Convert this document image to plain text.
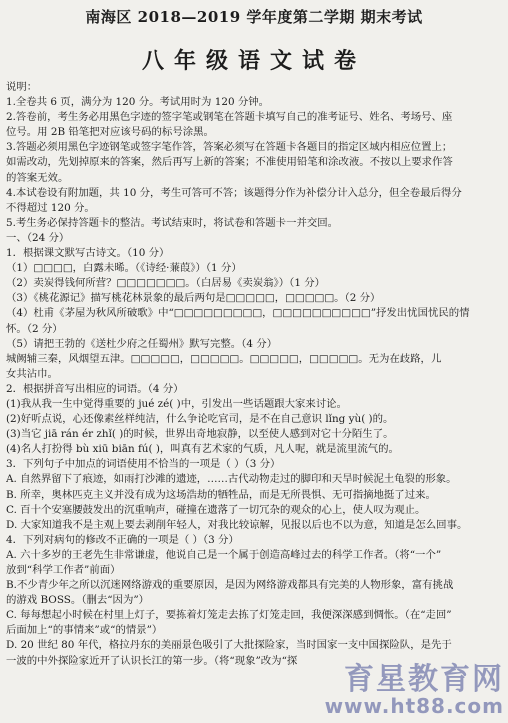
南海区 2018—2019 学年度第二学期 期末考试
八年级语文试卷
说明：
1.全卷共 6 页，满分为 120 分。考试用时为 120 分钟。
2.答卷前，考生务必用黑色字迹的签字笔或钢笔在答题卡填写自己的准考证号、姓名、考场号、座
位号。用 2B 铅笔把对应该号码的标号涂黑。
3.答题必须用黑色字迹钢笔或签字笔作答，答案必须写在答题卡各题目的指定区域内相应位置上；
如需改动，先划掉原来的答案，然后再写上新的答案；不准使用铅笔和涂改液。不按以上要求作答
的答案无效。
4.本试卷设有附加题，共 10 分，考生可答可不答；该题得分作为补偿分计入总分，但全卷最后得分
不得超过 120 分。
5.考生务必保持答题卡的整洁。考试结束时，将试卷和答题卡一并交回。
一、（24 分）
1．根据课文默写古诗文。（10 分）
（1）□□□□，白露未晞。（《诗经·蒹葭》）（1 分）
（2）卖炭得钱何所营？□□□□□□□。（白居易《卖炭翁》）（1 分）
（3）《桃花源记》描写桃花林景象的最后两句是□□□□□，□□□□□。（2 分）
（4）杜甫《茅屋为秋风所破歌》中“□□□□□□□□□，□□□□□□□□□□”抒发出忧国忧民的情
怀。（2 分）
（5）请把王勃的《送杜少府之任蜀州》默写完整。（4 分）
城阙辅三秦，风烟望五津。□□□□□，□□□□□。□□□□□，□□□□□。无为在歧路，儿
女共沾巾。
2．根据拼音写出相应的词语。（4 分）
(1)我从我一生中觉得重要的 jué zé( )中，引发出一些话题跟大家来讨论。
(2)好听点说，心还像素丝样纯洁，什么争论吃官司，是不在自己意识 lǐng yù( )的。
(3)当它 jiā rán ér zhǐ( )的时候，世界出奇地寂静，以至使人感到对它十分陌生了。
(4)名人打扮得 bù xiū biān fú( )，叫真有艺术家的气质，凡人呢，就是流里流气的。
3．下列句子中加点的词语使用不恰当的一项是（ ）（3 分）
A. 自然界留下了痕迹，如雨打沙滩的遗迹，……古代动物走过的脚印和天旱时候泥土龟裂的形象。
B. 所幸，奥林匹克主义并没有成为这场浩劫的牺牲品，而是无所畏惧、无可指摘地挺了过来。
C. 百十个安塞腰鼓发出的沉重响声，碰撞在遗落了一切冗杂的观众的心上，使人叹为观止。
D. 大家知道我不是主观上要去剥削年轻人，对我比较谅解，见报以后也不以为意，知道是怎么回事。
4．下列对病句的修改不正确的一项是（ ）（3 分）
A. 六十多岁的王老先生非常谦虚，他说自己是一个属于创造高峰过去的科学工作者。（将“一个”
放到“科学工作者”前面）
B.不少青少年之所以沉迷网络游戏的重要原因，是因为网络游戏都具有完美的人物形象，富有挑战
的游戏 BOSS。（删去“因为”）
C. 每每想起小时候在村里上灯子，要拣着灯笼走去拣了灯笼走回，我便深深感到惆怅。（在“走回”
后面加上“的事情来”或“的情景”）
D. 20 世纪 80 年代，格拉丹东的美丽景色吸引了大批探险家，当时国家一支中国探险队，是先于
一波的中外探险家近开了认识长江的第一步。（将“现象”改为“探
育星教育网
www.ht88.com
